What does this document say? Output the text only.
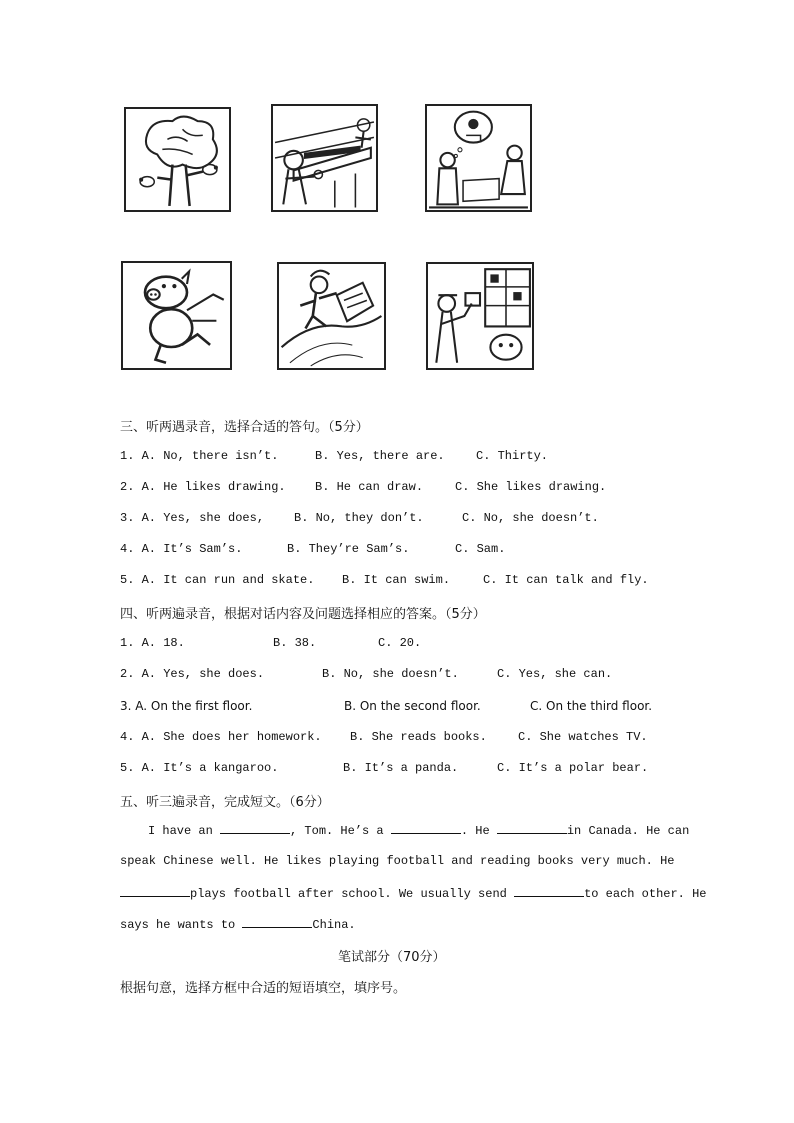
三、听两遇录音，选择合适的答句。（5分）
1. A. No, there isn’t.	B. Yes, there are.	C. Thirty.
2. A. He likes drawing. B. He can draw.	C. She likes drawing.
3. A. Yes, she does, B. No, they don’t.	C. No, she doesn’t.
4. A. It’s Sam’s.	B. They’re Sam’s.	C. Sam.
5. A. It can run and skate. B. It can swim.	C. It can talk and fly.
四、听两遍录音，根据对话内容及问题选择相应的答案。（5分）
1. A. 18.	B. 38.	C. 20.
2. A. Yes, she does.	B. No, she doesn’t.	C. Yes, she can.
3. A. On the first floor.	B. On the second floor.	C. On the third floor.
4. A. She does her homework. B. She reads books.	C. She watches TV.
5. A. It’s a kangaroo.	B. It’s a panda.	C. It’s a polar bear.
五、听三遍录音，完成短文。（6分）
I have an	, Tom. He’s a	. He	in Canada. He can
speak Chinese well. He likes playing football and reading books very much. He
plays football after school. We usually send	to each other. He
says he wants to	China.
笔试部分（70分）
根据句意，选择方框中合适的短语填空，填序号。
